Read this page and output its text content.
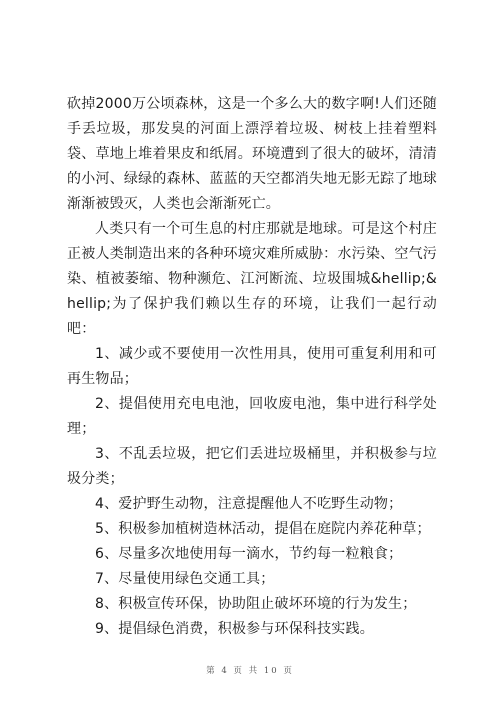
砍掉2000万公顷森林，这是一个多么大的数字啊!人们还随手丢垃圾，那发臭的河面上漂浮着垃圾、树枝上挂着塑料袋、草地上堆着果皮和纸屑。环境遭到了很大的破坏，清清的小河、绿绿的森林、蓝蓝的天空都消失地无影无踪了地球渐渐被毁灭，人类也会渐渐死亡。

人类只有一个可生息的村庄那就是地球。可是这个村庄正被人类制造出来的各种环境灾难所威胁：水污染、空气污染、植被萎缩、物种濒危、江河断流、垃圾围城&hellip;&hellip;为了保护我们赖以生存的环境，让我们一起行动吧：

1、减少或不要使用一次性用具，使用可重复利用和可再生物品；

2、提倡使用充电电池，回收废电池，集中进行科学处理；

3、不乱丢垃圾，把它们丢进垃圾桶里，并积极参与垃圾分类；

4、爱护野生动物，注意提醒他人不吃野生动物；

5、积极参加植树造林活动，提倡在庭院内养花种草；

6、尽量多次地使用每一滴水，节约每一粒粮食；

7、尽量使用绿色交通工具；

8、积极宣传环保，协助阻止破坏环境的行为发生；

9、提倡绿色消费，积极参与环保科技实践。

第 4 页 共 10 页
